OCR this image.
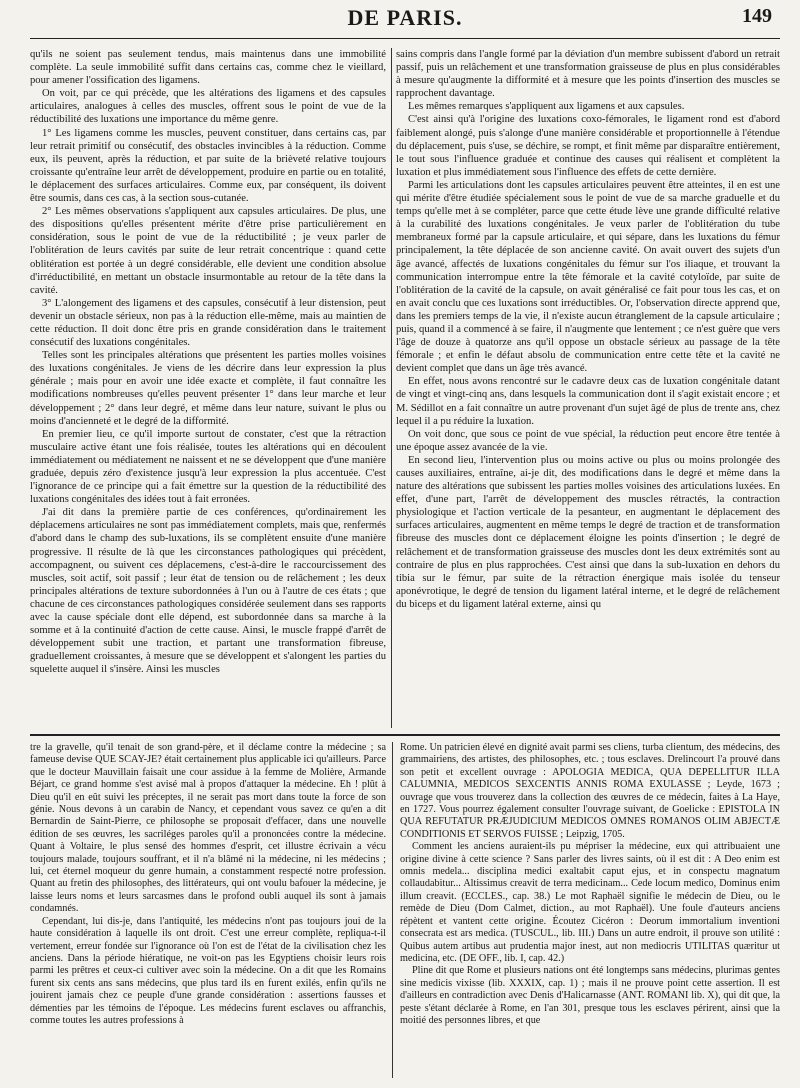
DE PARIS.	149

qu'ils ne soient pas seulement tendus, mais maintenus dans une immobilité complète. La seule immobilité suffit dans certains cas, comme chez le vieillard, pour amener l'ossification des ligamens.

On voit, par ce qui précède, que les altérations des ligamens et des capsules articulaires, analogues à celles des muscles, offrent sous le point de vue de la réductibilité des luxations une importance du même genre.

1° Les ligamens comme les muscles, peuvent constituer, dans certains cas, par leur retrait primitif ou consécutif, des obstacles invincibles à la réduction. Comme eux, ils peuvent, après la réduction, et par suite de la brièveté relative toujours croissante qu'entraîne leur arrêt de développement, produire en partie ou en totalité, le déplacement des surfaces articulaires. Comme eux, par conséquent, ils doivent être soumis, dans ces cas, à la section sous-cutanée.

2° Les mêmes observations s'appliquent aux capsules articulaires. De plus, une des dispositions qu'elles présentent mérite d'être prise particulièrement en considération, sous le point de vue de la réductibilité ; je veux parler de l'oblitération de leurs cavités par suite de leur retrait concentrique : quand cette oblitération est portée à un degré considérable, elle devient une condition absolue d'irréductibilité, en mettant un obstacle insurmontable au retour de la tête dans la cavité.

3° L'alongement des ligamens et des capsules, consécutif à leur distension, peut devenir un obstacle sérieux, non pas à la réduction elle-même, mais au maintien de cette réduction. Il doit donc être pris en grande considération dans le traitement consécutif des luxations congénitales.

Telles sont les principales altérations que présentent les parties molles voisines des luxations congénitales. Je viens de les décrire dans leur expression la plus générale ; mais pour en avoir une idée exacte et complète, il faut connaître les modifications nombreuses qu'elles peuvent présenter 1° dans leur marche et leur développement ; 2° dans leur degré, et même dans leur nature, suivant le plus ou moins d'ancienneté et le degré de la difformité.

En premier lieu, ce qu'il importe surtout de constater, c'est que la rétraction musculaire active étant une fois réalisée, toutes les altérations qui en découlent immédiatement ou médiatement ne naissent et ne se développent que d'une manière graduée, depuis zéro d'existence jusqu'à leur expression la plus accentuée. C'est l'ignorance de ce principe qui a fait émettre sur la question de la réductibilité des luxations congénitales des idées tout à fait erronées.

J'ai dit dans la première partie de ces conférences, qu'ordinairement les déplacemens articulaires ne sont pas immédiatement complets, mais que, renfermés d'abord dans le champ des sub-luxations, ils se complètent ensuite d'une manière progressive. Il résulte de là que les circonstances pathologiques qui précèdent, accompagnent, ou suivent ces déplacemens, c'est-à-dire le raccourcissement des muscles, soit actif, soit passif ; leur état de tension ou de relâchement ; les deux principales altérations de texture subordonnées à l'un ou à l'autre de ces états ; que chacune de ces circonstances pathologiques considérée seulement dans ses rapports avec la cause spéciale dont elle dépend, est subordonnée dans sa marche à la somme et à la continuité d'action de cette cause. Ainsi, le muscle frappé d'arrêt de développement subit une traction, et partant une transformation fibreuse, graduellement croissantes, à mesure que se développent et s'alongent les parties du squelette auquel il s'insère. Ainsi les muscles

sains compris dans l'angle formé par la déviation d'un membre subissent d'abord un retrait passif, puis un relâchement et une transformation graisseuse de plus en plus considérables à mesure qu'augmente la difformité et à mesure que les points d'insertion des muscles se rapprochent davantage.

Les mêmes remarques s'appliquent aux ligamens et aux capsules.

C'est ainsi qu'à l'origine des luxations coxo-fémorales, le ligament rond est d'abord faiblement alongé, puis s'alonge d'une manière considérable et proportionnelle à l'étendue du déplacement, puis s'use, se déchire, se rompt, et finit même par disparaître entièrement, le tout sous l'influence graduée et continue des causes qui réalisent et complètent la luxation et plus immédiatement sous l'influence des effets de cette dernière.

Parmi les articulations dont les capsules articulaires peuvent être atteintes, il en est une qui mérite d'être étudiée spécialement sous le point de vue de sa marche graduelle et du temps qu'elle met à se compléter, parce que cette étude lève une grande difficulté relative à la curabilité des luxations congénitales. Je veux parler de l'oblitération du tube membraneux formé par la capsule articulaire, et qui sépare, dans les luxations du fémur principalement, la tête déplacée de son ancienne cavité. On avait ouvert des sujets d'un âge avancé, affectés de luxations congénitales du fémur sur l'os iliaque, et trouvant la communication interrompue entre la tête fémorale et la cavité cotyloïde, par suite de l'oblitération de la cavité de la capsule, on avait généralisé ce fait pour tous les cas, et on en avait conclu que ces luxations sont irréductibles. Or, l'observation directe apprend que, dans les premiers temps de la vie, il n'existe aucun étranglement de la capsule articulaire ; puis, quand il a commencé à se faire, il n'augmente que lentement ; ce n'est guère que vers l'âge de douze à quatorze ans qu'il oppose un obstacle sérieux au passage de la tête fémorale ; et enfin le défaut absolu de communication entre cette tête et la cavité ne devient complet que dans un âge très avancé.

En effet, nous avons rencontré sur le cadavre deux cas de luxation congénitale datant de vingt et vingt-cinq ans, dans lesquels la communication dont il s'agit existait encore ; et M. Sédillot en a fait connaître un autre provenant d'un sujet âgé de plus de trente ans, chez lequel il a pu réduire la luxation.

On voit donc, que sous ce point de vue spécial, la réduction peut encore être tentée à une époque assez avancée de la vie.

En second lieu, l'intervention plus ou moins active ou plus ou moins prolongée des causes auxiliaires, entraîne, ai-je dit, des modifications dans le degré et même dans la nature des altérations que subissent les parties molles voisines des articulations luxées. En effet, d'une part, l'arrêt de développement des muscles rétractés, la contraction physiologique et l'action verticale de la pesanteur, en augmentant le déplacement des surfaces articulaires, augmentent en même temps le degré de traction et de transformation fibreuse des muscles dont ce déplacement éloigne les points d'insertion ; le degré de relâchement et de transformation graisseuse des muscles dont les deux extrémités sont au contraire de plus en plus rapprochées. C'est ainsi que dans la sub-luxation en dehors du tibia sur le fémur, par suite de la rétraction énergique mais isolée du tenseur aponévrotique, le degré de tension du ligament latéral interne, et le degré de relâchement du biceps et du ligament latéral externe, ainsi qu

tre la gravelle, qu'il tenait de son grand-père, et il déclame contre la médecine ; sa fameuse devise QUE SCAY-JE? était certainement plus applicable ici qu'ailleurs. Parce que le docteur Mauvillain faisait une cour assidue à la femme de Molière, Armande Béjart, ce grand homme s'est avisé mal à propos d'attaquer la médecine. Eh ! plût à Dieu qu'il en eût suivi les préceptes, il ne serait pas mort dans toute la force de son génie. Nous devons à un carabin de Nancy, et cependant vous savez ce qu'en a dit Bernardin de Saint-Pierre, ce philosophe se proposait d'effacer, dans une nouvelle édition de ses œuvres, les sacriléges paroles qu'il a prononcées contre la médecine. Quant à Voltaire, le plus sensé des hommes d'esprit, cet illustre écrivain a vécu toujours malade, toujours souffrant, et il n'a blâmé ni la médecine, ni les médecins ; lui, cet éternel moqueur du genre humain, a constamment respecté notre profession. Quant au fretin des philosophes, des littérateurs, qui ont voulu bafouer la médecine, je laisse leurs noms et leurs sarcasmes dans le profond oubli auquel ils sont à jamais condamnés.

Cependant, lui dis-je, dans l'antiquité, les médecins n'ont pas toujours joui de la haute considération à laquelle ils ont droit. C'est une erreur complète, repliqua-t-il vertement, erreur fondée sur l'ignorance où l'on est de l'état de la civilisation chez les anciens. Dans la période hiératique, ne voit-on pas les Egyptiens choisir leurs rois parmi les prêtres et ceux-ci cultiver avec soin la médecine. On a dit que les Romains furent six cents ans sans médecins, que plus tard ils en furent exilés, enfin qu'ils ne jouirent jamais chez ce peuple d'une grande considération : assertions fausses et démenties par les témoins de l'époque. Les médecins furent esclaves ou affranchis, comme toutes les autres professions à

Rome. Un patricien élevé en dignité avait parmi ses cliens, turba clientum, des médecins, des grammairiens, des artistes, des philosophes, etc. ; tous esclaves. Drelincourt l'a prouvé dans son petit et excellent ouvrage : APOLOGIA MEDICA, QUA DEPELLITUR ILLA CALUMNIA, MEDICOS SEXCENTIS ANNIS ROMA EXULASSE ; Leyde, 1673 ; ouvrage que vous trouverez dans la collection des œuvres de ce médecin, faites à La Haye, en 1727. Vous pourrez également consulter l'ouvrage suivant, de Goelicke : EPISTOLA IN QUA REFUTATUR PRÆJUDICIUM MEDICOS OMNES ROMANOS OLIM ABJECTÆ CONDITIONIS ET SERVOS FUISSE ; Leipzig, 1705.

Comment les anciens auraient-ils pu mépriser la médecine, eux qui attribuaient une origine divine à cette science ? Sans parler des livres saints, où il est dit : A Deo enim est omnis medela... disciplina medici exaltabit caput ejus, et in conspectu magnatum collaudabitur... Altissimus creavit de terra medicinam... Cede locum medico, Dominus enim illum creavit. (ECCLES., cap. 38.) Le mot Raphaël signifie le médecin de Dieu, ou le remède de Dieu (Dom Calmet, diction., au mot Raphaël). Une foule d'auteurs anciens répètent et vantent cette origine. Écoutez Cicéron : Deorum immortalium inventioni consecrata est ars medica. (TUSCUL., lib. III.) Dans un autre endroit, il prouve son utilité : Quibus autem artibus aut prudentia major inest, aut non mediocris UTILITAS quæritur ut medicina, etc. (DE OFF., lib. I, cap. 42.)

Pline dit que Rome et plusieurs nations ont été longtemps sans médecins, plurimas gentes sine medicis vixisse (lib. XXXIX, cap. 1) ; mais il ne prouve point cette assertion. Il est d'ailleurs en contradiction avec Denis d'Halicarnasse (ANT. ROMANI lib. X), qui dit que, la peste s'étant déclarée à Rome, en l'an 301, presque tous les esclaves périrent, ainsi que la moitié des personnes libres, et que
